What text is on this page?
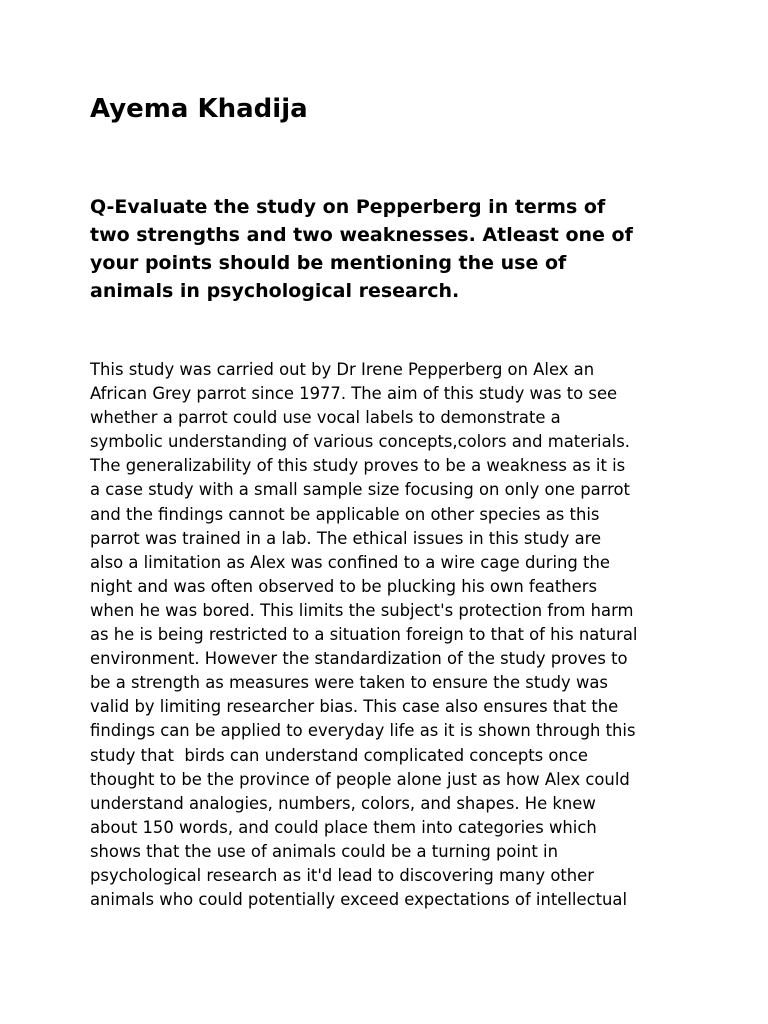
Ayema Khadija
Q-Evaluate the study on Pepperberg in terms of
two strengths and two weaknesses. Atleast one of
your points should be mentioning the use of
animals in psychological research.
This study was carried out by Dr Irene Pepperberg on Alex an
African Grey parrot since 1977. The aim of this study was to see
whether a parrot could use vocal labels to demonstrate a
symbolic understanding of various concepts,colors and materials.
The generalizability of this study proves to be a weakness as it is
a case study with a small sample size focusing on only one parrot
and the findings cannot be applicable on other species as this
parrot was trained in a lab. The ethical issues in this study are
also a limitation as Alex was confined to a wire cage during the
night and was often observed to be plucking his own feathers
when he was bored. This limits the subject's protection from harm
as he is being restricted to a situation foreign to that of his natural
environment. However the standardization of the study proves to
be a strength as measures were taken to ensure the study was
valid by limiting researcher bias. This case also ensures that the
findings can be applied to everyday life as it is shown through this
study that  birds can understand complicated concepts once
thought to be the province of people alone just as how Alex could
understand analogies, numbers, colors, and shapes. He knew
about 150 words, and could place them into categories which
shows that the use of animals could be a turning point in
psychological research as it'd lead to discovering many other
animals who could potentially exceed expectations of intellectual
